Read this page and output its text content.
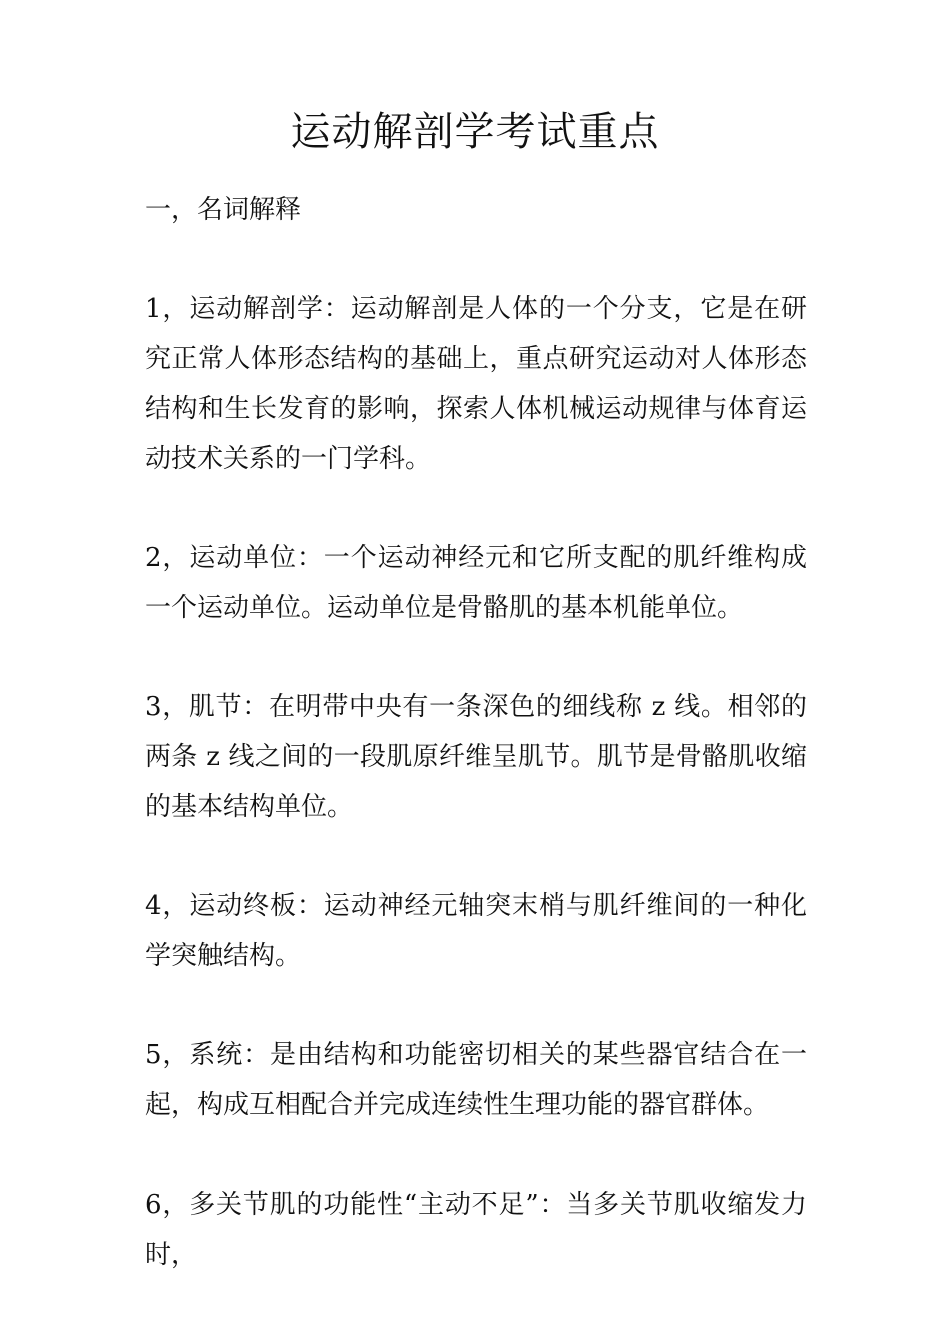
运动解剖学考试重点
一，名词解释

1，运动解剖学：运动解剖是人体的一个分支，它是在研究正常人体形态结构的基础上，重点研究运动对人体形态结构和生长发育的影响，探索人体机械运动规律与体育运动技术关系的一门学科。

2，运动单位：一个运动神经元和它所支配的肌纤维构成一个运动单位。运动单位是骨骼肌的基本机能单位。

3，肌节：在明带中央有一条深色的细线称 z 线。相邻的两条 z 线之间的一段肌原纤维呈肌节。肌节是骨骼肌收缩的基本结构单位。

4，运动终板：运动神经元轴突末梢与肌纤维间的一种化学突触结构。

5，系统：是由结构和功能密切相关的某些器官结合在一起，构成互相配合并完成连续性生理功能的器官群体。

6，多关节肌的功能性“主动不足”：当多关节肌收缩发力时，
